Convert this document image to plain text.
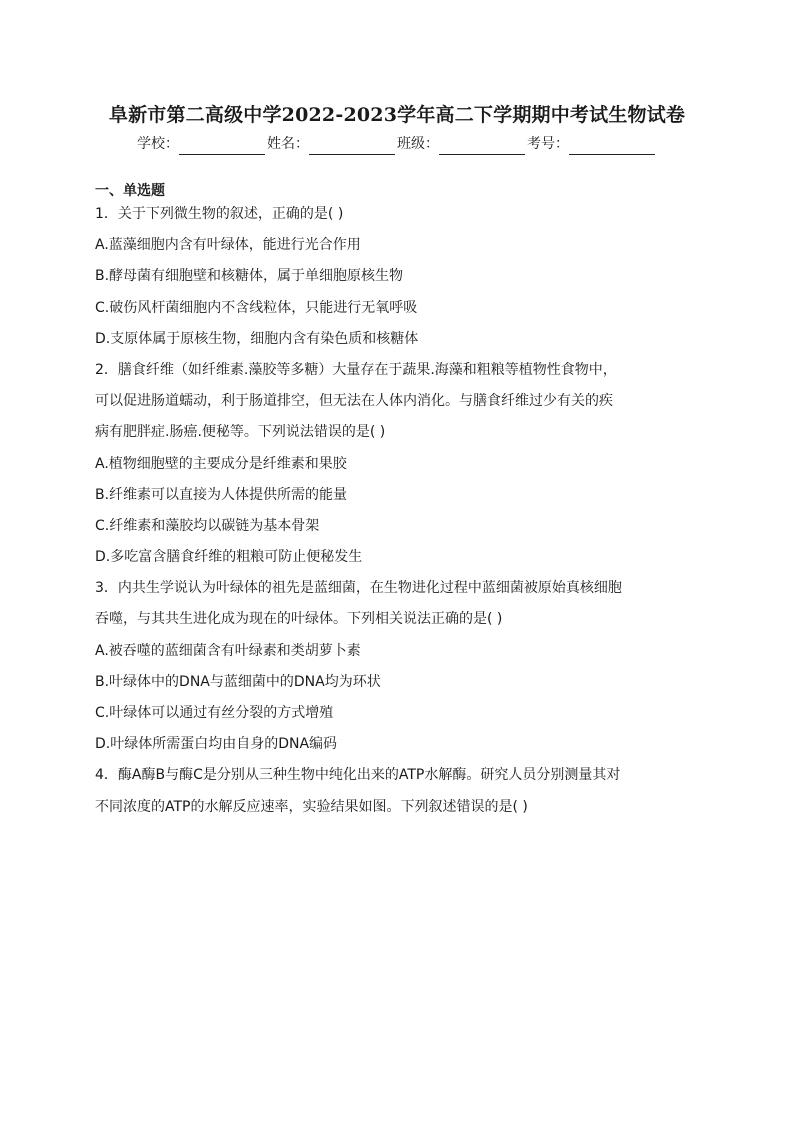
阜新市第二高级中学2022-2023学年高二下学期期中考试生物试卷
学校：	姓名：	班级：	考号：
一、单选题
1．关于下列微生物的叙述，正确的是( )
A.蓝藻细胞内含有叶绿体，能进行光合作用
B.酵母菌有细胞壁和核糖体，属于单细胞原核生物
C.破伤风杆菌细胞内不含线粒体，只能进行无氧呼吸
D.支原体属于原核生物，细胞内含有染色质和核糖体
2．膳食纤维（如纤维素.藻胶等多糖）大量存在于蔬果.海藻和粗粮等植物性食物中，
可以促进肠道蠕动，利于肠道排空，但无法在人体内消化。与膳食纤维过少有关的疾
病有肥胖症.肠癌.便秘等。下列说法错误的是( )
A.植物细胞壁的主要成分是纤维素和果胶
B.纤维素可以直接为人体提供所需的能量
C.纤维素和藻胶均以碳链为基本骨架
D.多吃富含膳食纤维的粗粮可防止便秘发生
3．内共生学说认为叶绿体的祖先是蓝细菌，在生物进化过程中蓝细菌被原始真核细胞
吞噬，与其共生进化成为现在的叶绿体。下列相关说法正确的是( )
A.被吞噬的蓝细菌含有叶绿素和类胡萝卜素
B.叶绿体中的DNA与蓝细菌中的DNA均为环状
C.叶绿体可以通过有丝分裂的方式增殖
D.叶绿体所需蛋白均由自身的DNA编码
4．酶A酶B与酶C是分别从三种生物中纯化出来的ATP水解酶。研究人员分别测量其对
不同浓度的ATP的水解反应速率，实验结果如图。下列叙述错误的是( )
